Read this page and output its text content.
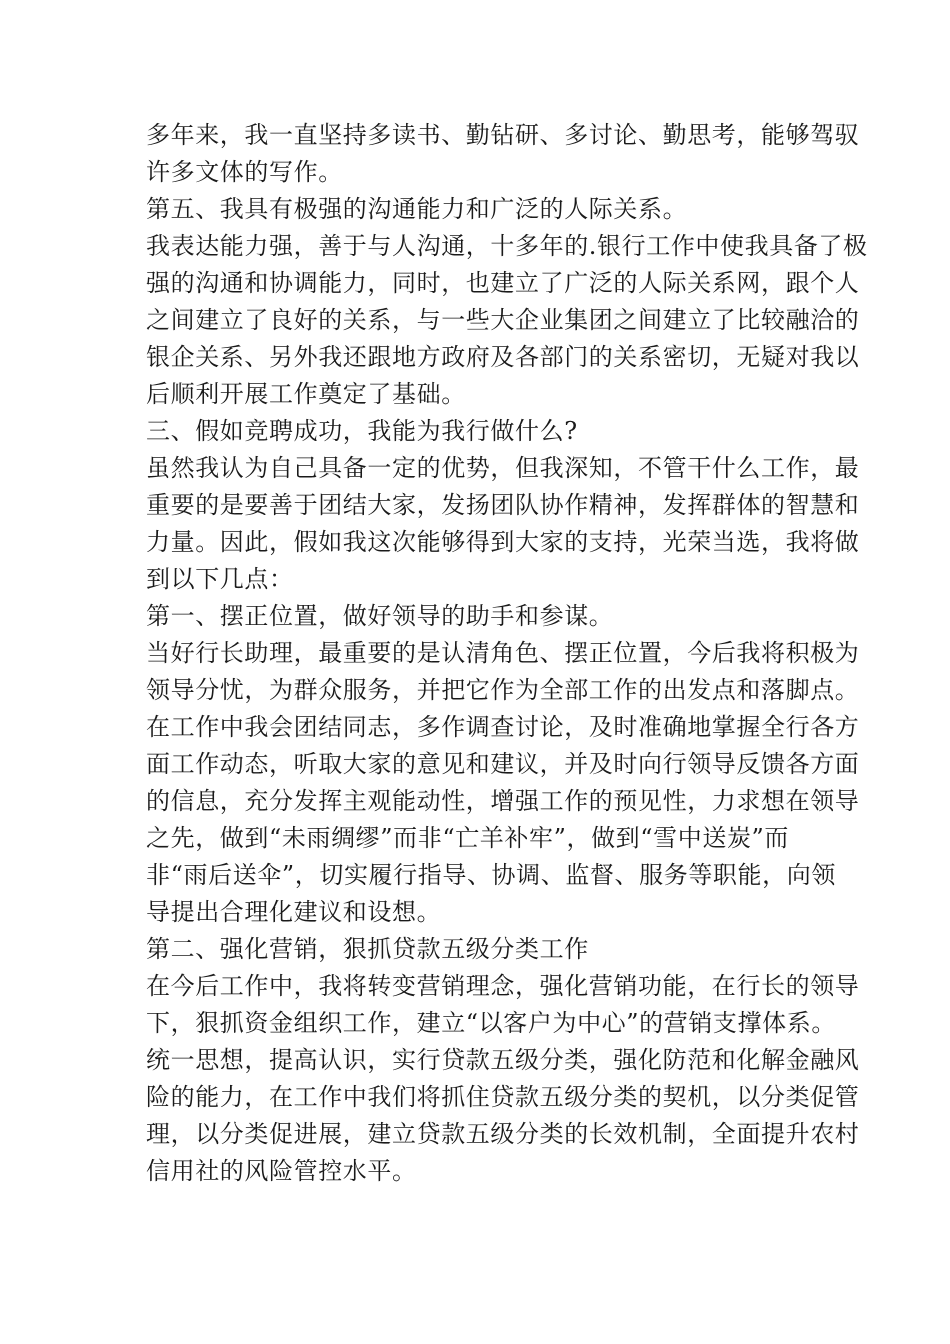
多年来，我一直坚持多读书、勤钻研、多讨论、勤思考，能够驾驭
许多文体的写作。
第五、我具有极强的沟通能力和广泛的人际关系。
我表达能力强，善于与人沟通，十多年的.银行工作中使我具备了极
强的沟通和协调能力，同时，也建立了广泛的人际关系网，跟个人
之间建立了良好的关系，与一些大企业集团之间建立了比较融洽的
银企关系、另外我还跟地方政府及各部门的关系密切，无疑对我以
后顺利开展工作奠定了基础。
三、假如竞聘成功，我能为我行做什么?
虽然我认为自己具备一定的优势，但我深知，不管干什么工作，最
重要的是要善于团结大家，发扬团队协作精神，发挥群体的智慧和
力量。因此，假如我这次能够得到大家的支持，光荣当选，我将做
到以下几点：
第一、摆正位置，做好领导的助手和参谋。
当好行长助理，最重要的是认清角色、摆正位置，今后我将积极为
领导分忧，为群众服务，并把它作为全部工作的出发点和落脚点。
在工作中我会团结同志，多作调查讨论，及时准确地掌握全行各方
面工作动态，听取大家的意见和建议，并及时向行领导反馈各方面
的信息，充分发挥主观能动性，增强工作的预见性，力求想在领导
之先，做到“未雨绸缪”而非“亡羊补牢”，做到“雪中送炭”而
非“雨后送伞”，切实履行指导、协调、监督、服务等职能，向领
导提出合理化建议和设想。
第二、强化营销，狠抓贷款五级分类工作
在今后工作中，我将转变营销理念，强化营销功能，在行长的领导
下，狠抓资金组织工作，建立“以客户为中心”的营销支撑体系。
统一思想，提高认识，实行贷款五级分类，强化防范和化解金融风
险的能力，在工作中我们将抓住贷款五级分类的契机，以分类促管
理，以分类促进展，建立贷款五级分类的长效机制，全面提升农村
信用社的风险管控水平。
